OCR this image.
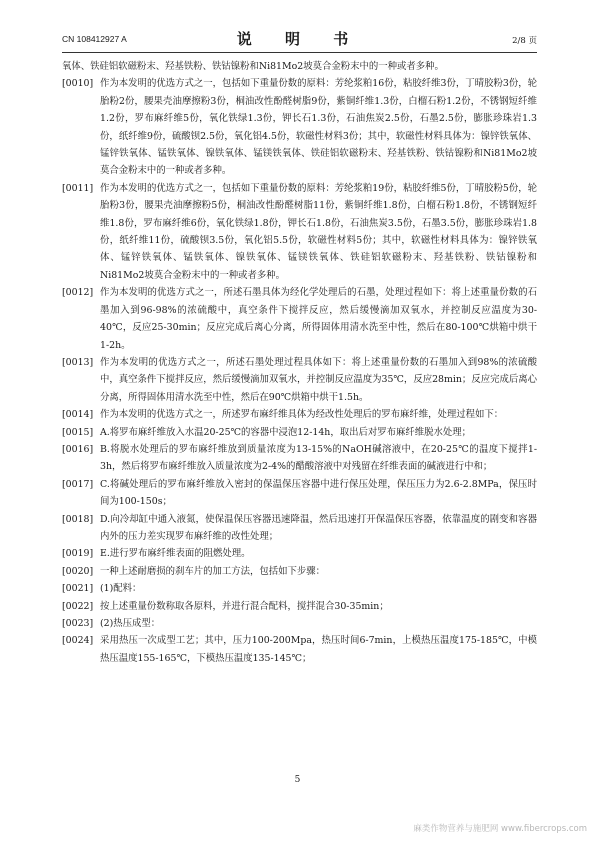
CN 108412927 A	说 明 书	2/8 页
氧体、铁硅铝软磁粉末、羟基铁粉、铁钴镍粉和Ni81Mo2坡莫合金粉末中的一种或者多种。
[0010] 作为本发明的优选方式之一，包括如下重量份数的原料：芳纶浆粕16份，粘胶纤维3份，丁晴胶粉3份，轮胎粉2份，腰果壳油摩擦粉3份，桐油改性酚醛树脂9份，紫铜纤维1.3份，白榴石粉1.2份，不锈钢短纤维1.2份，罗布麻纤维5份，氧化铁绿1.3份，钾长石1.3份，石油焦炭2.5份，石墨2.5份，膨胀珍珠岩1.3份，纸纤维9份，硫酸钡2.5份，氧化铝4.5份，软磁性材料3份；其中，软磁性材料具体为：镍锌铁氧体、锰锌铁氧体、锰铁氧体、镍铁氧体、锰镁铁氧体、铁硅铝软磁粉末、羟基铁粉、铁钴镍粉和Ni81Mo2坡莫合金粉末中的一种或者多种。
[0011] 作为本发明的优选方式之一，包括如下重量份数的原料：芳纶浆粕19份，粘胶纤维5份，丁晴胶粉5份，轮胎粉3份，腰果壳油摩擦粉5份，桐油改性酚醛树脂11份，紫铜纤维1.8份，白榴石粉1.8份，不锈钢短纤维1.8份，罗布麻纤维6份，氧化铁绿1.8份，钾长石1.8份，石油焦炭3.5份，石墨3.5份，膨胀珍珠岩1.8份，纸纤维11份，硫酸钡3.5份，氧化铝5.5份，软磁性材料5份；其中，软磁性材料具体为：镍锌铁氧体、锰锌铁氧体、锰铁氧体、镍铁氧体、锰镁铁氧体、铁硅铝软磁粉末、羟基铁粉、铁钴镍粉和Ni81Mo2坡莫合金粉末中的一种或者多种。
[0012] 作为本发明的优选方式之一，所述石墨具体为经化学处理后的石墨，处理过程如下：将上述重量份数的石墨加入到96-98%的浓硫酸中，真空条件下搅拌反应，然后缓慢滴加双氧水，并控制反应温度为30-40℃，反应25-30min；反应完成后离心分离，所得固体用清水洗至中性，然后在80-100℃烘箱中烘干1-2h。
[0013] 作为本发明的优选方式之一，所述石墨处理过程具体如下：将上述重量份数的石墨加入到98%的浓硫酸中，真空条件下搅拌反应，然后缓慢滴加双氧水，并控制反应温度为35℃，反应28min；反应完成后离心分离，所得固体用清水洗至中性，然后在90℃烘箱中烘干1.5h。
[0014] 作为本发明的优选方式之一，所述罗布麻纤维具体为经改性处理后的罗布麻纤维，处理过程如下：
[0015] A.将罗布麻纤维放入水温20-25℃的容器中浸泡12-14h，取出后对罗布麻纤维脱水处理；
[0016] B.将脱水处理后的罗布麻纤维放到质量浓度为13-15%的NaOH碱溶液中，在20-25℃的温度下搅拌1-3h，然后将罗布麻纤维放入质量浓度为2-4%的醋酸溶液中对残留在纤维表面的碱液进行中和；
[0017] C.将碱处理后的罗布麻纤维放入密封的保温保压容器中进行保压处理，保压压力为2.6-2.8MPa，保压时间为100-150s；
[0018] D.向冷却缸中通入液氮，使保温保压容器迅速降温，然后迅速打开保温保压容器，依靠温度的剧变和容器内外的压力差实现罗布麻纤维的改性处理；
[0019] E.进行罗布麻纤维表面的阻燃处理。
[0020] 一种上述耐磨损的刹车片的加工方法，包括如下步骤：
[0021] (1)配料：
[0022] 按上述重量份数称取各原料，并进行混合配料，搅拌混合30-35min；
[0023] (2)热压成型：
[0024] 采用热压一次成型工艺；其中，压力100-200Mpa，热压时间6-7min，上模热压温度175-185℃，中模热压温度155-165℃，下模热压温度135-145℃；
5
麻类作物营养与施肥网 www.fibercrops.com
